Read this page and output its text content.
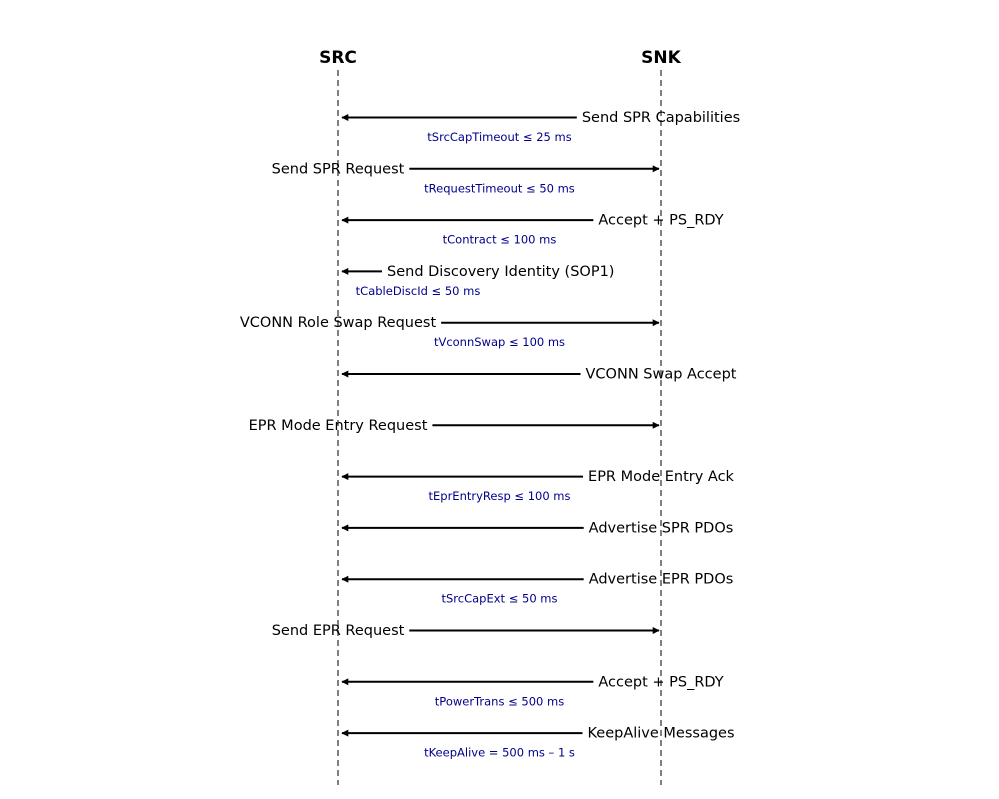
SRC	SNK
Send SPR Capabilities
tSrcCapTimeout ≤ 25 ms
Send SPR Request
tRequestTimeout ≤ 50 ms
Accept + PS_RDY
tContract ≤ 100 ms
Send Discovery Identity (SOP1)
tCableDiscId ≤ 50 ms
VCONN Role Swap Request
tVconnSwap ≤ 100 ms
VCONN Swap Accept
EPR Mode Entry Request
EPR Mode Entry Ack
tEprEntryResp ≤ 100 ms
Advertise SPR PDOs
Advertise EPR PDOs
tSrcCapExt ≤ 50 ms
Send EPR Request
Accept + PS_RDY
tPowerTrans ≤ 500 ms
KeepAlive Messages
tKeepAlive = 500 ms – 1 s
